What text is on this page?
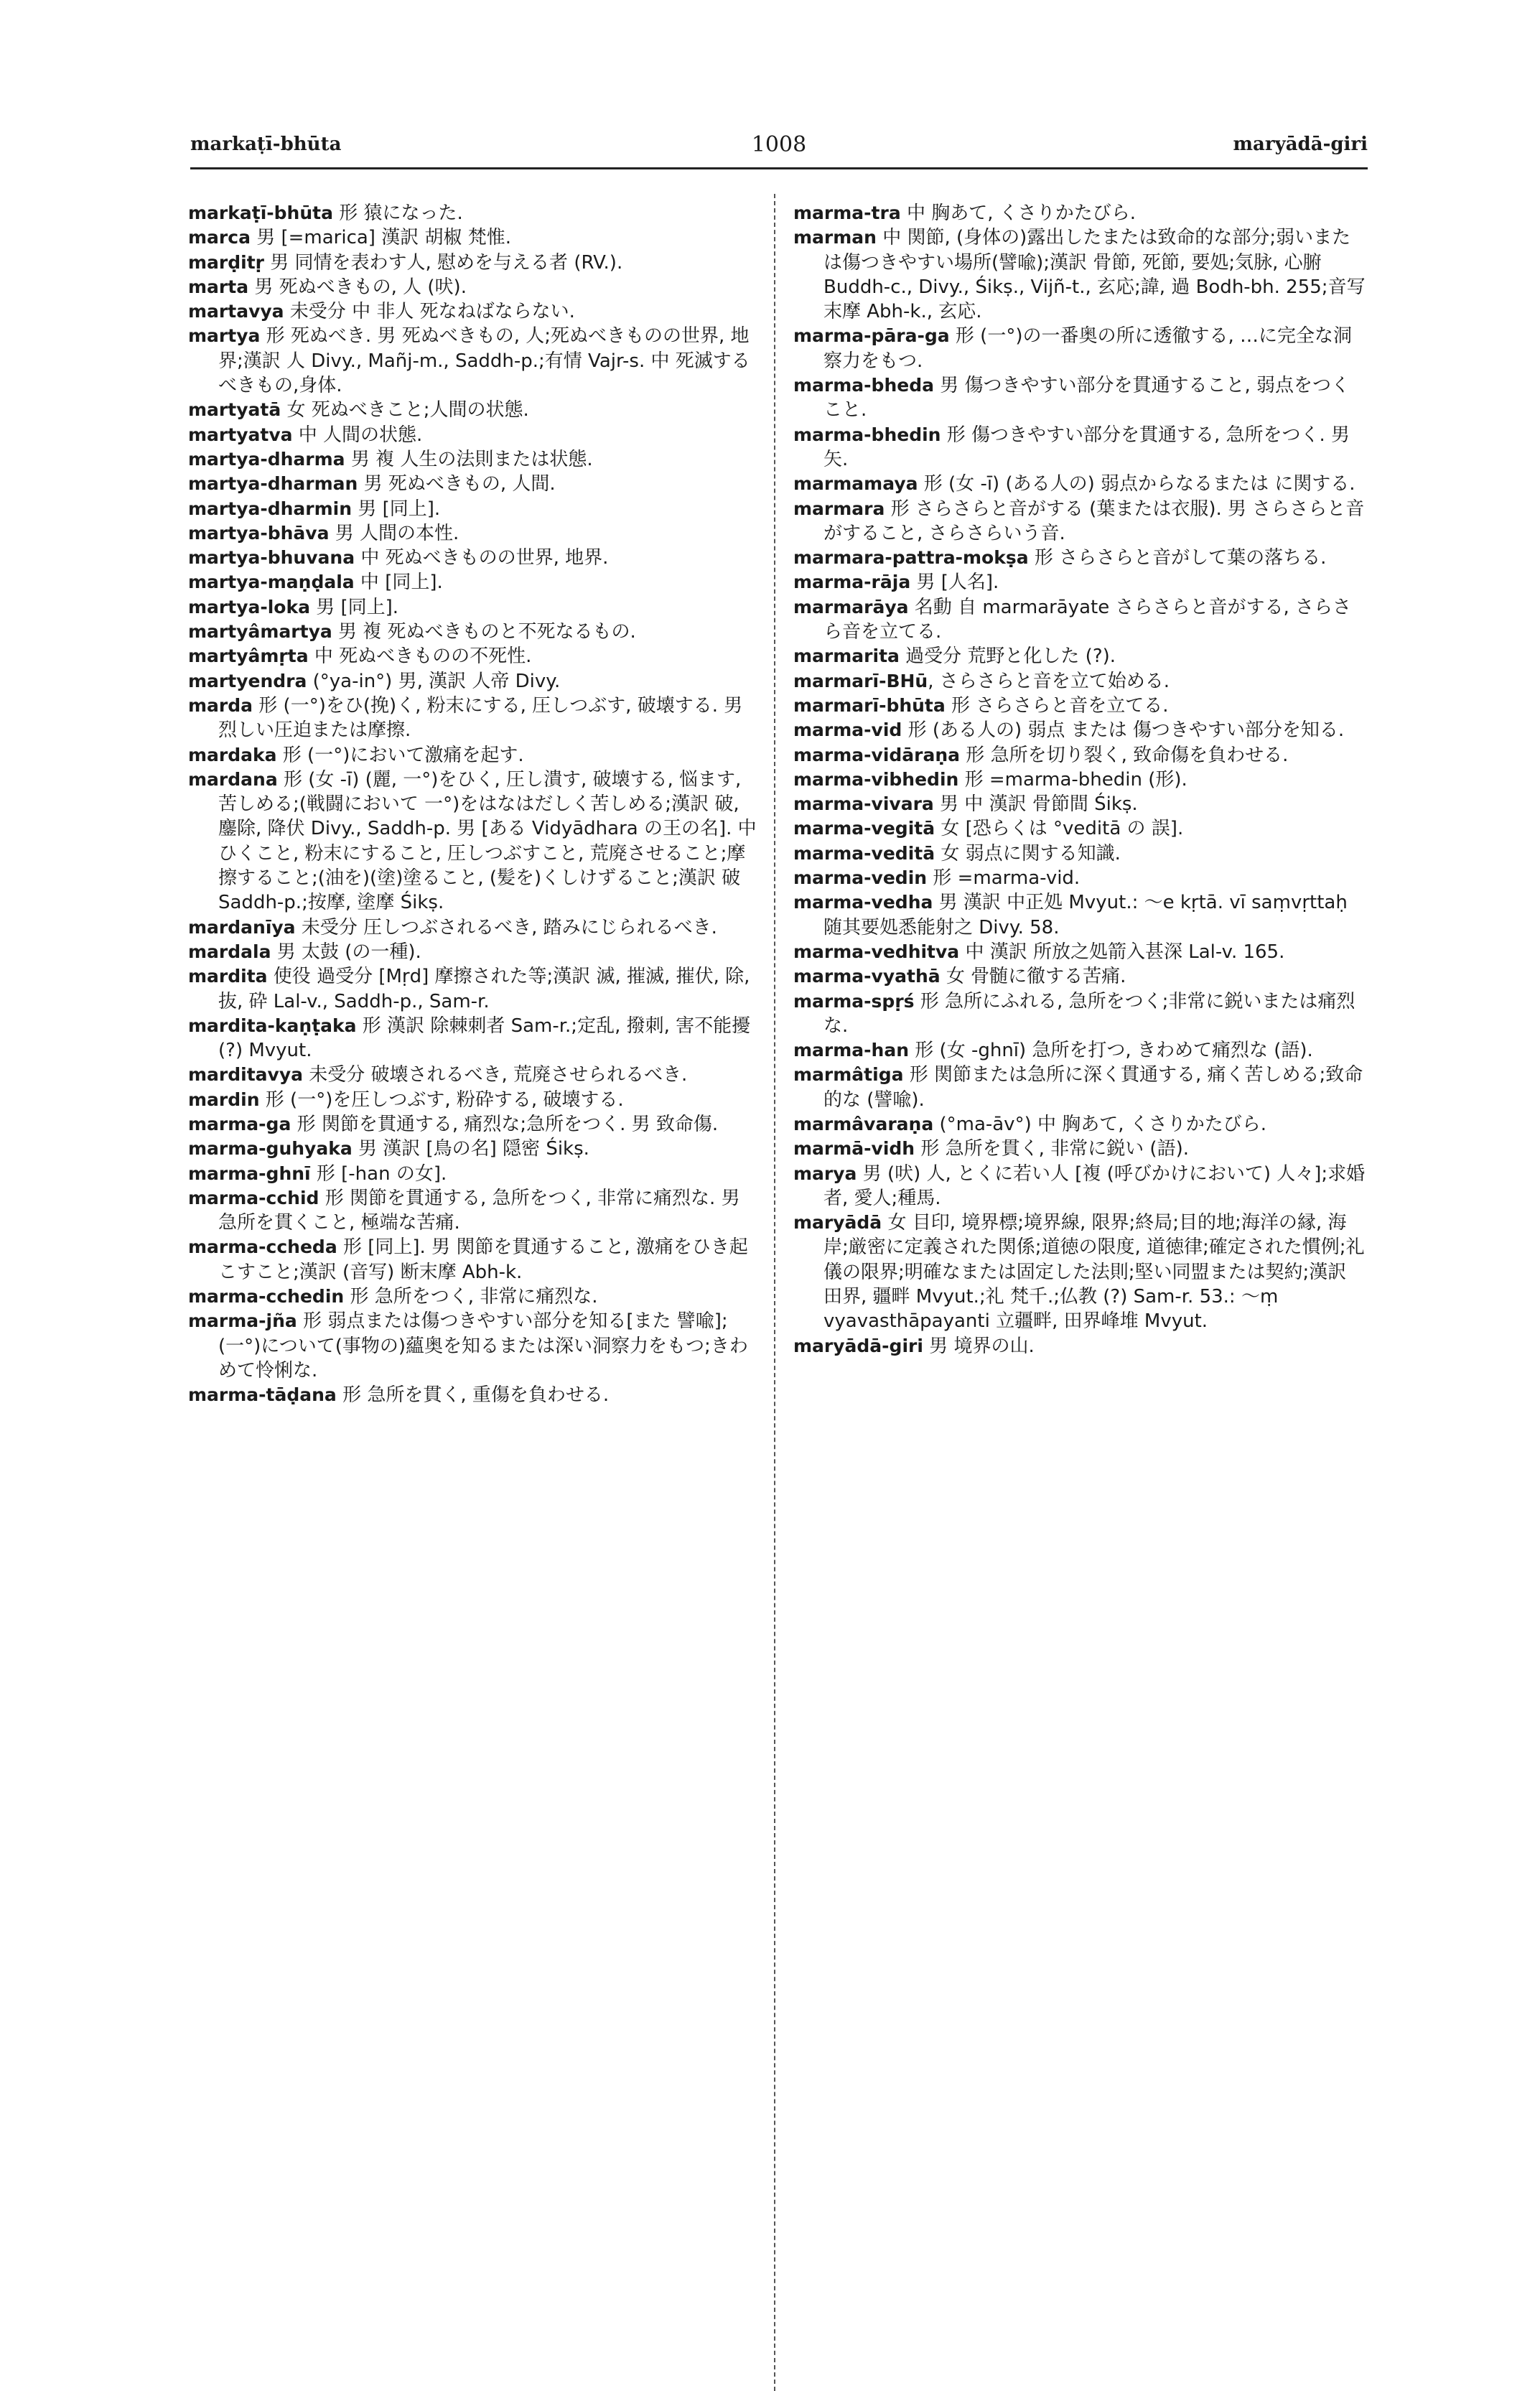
markaṭī-bhūta	1008	maryādā-giri

markaṭī-bhūta 形 猿になった.

marca 男 [=marica] 漢訳 胡椒 梵惟.

marḍitṛ 男 同情を表わす人, 慰めを与える者 (RV.).

marta 男 死ぬべきもの, 人 (吠).

martavya 未受分 中 非人 死なねばならない.

martya 形 死ぬべき. 男 死ぬべきもの, 人;死ぬべきものの世界, 地界;漢訳 人 Divy., Mañj-m., Saddh-p.;有情 Vajr-s. 中 死滅するべきもの,身体.

martyatā 女 死ぬべきこと;人間の状態.

martyatva 中 人間の状態.

martya-dharma 男 複 人生の法則または状態.

martya-dharman 男 死ぬべきもの, 人間.

martya-dharmin 男 [同上].

martya-bhāva 男 人間の本性.

martya-bhuvana 中 死ぬべきものの世界, 地界.

martya-maṇḍala 中 [同上].

martya-loka 男 [同上].

martyâmartya 男 複 死ぬべきものと不死なるもの.

martyâmṛta 中 死ぬべきものの不死性.

martyendra (°ya-in°) 男, 漢訳 人帝 Divy.

marda 形 (一°)をひ(挽)く, 粉末にする, 圧しつぶす, 破壊する. 男 烈しい圧迫または摩擦.

mardaka 形 (一°)において激痛を起す.

mardana 形 (女 -ī) (麗, 一°)をひく, 圧し潰す, 破壊する, 悩ます, 苦しめる;(戦闘において 一°)をはなはだしく苦しめる;漢訳 破, 鏖除, 降伏 Divy., Saddh-p. 男 [ある Vidyādhara の王の名]. 中 ひくこと, 粉末にすること, 圧しつぶすこと, 荒廃させること;摩擦すること;(油を)(塗)塗ること, (髪を)くしけずること;漢訳 破 Saddh-p.;按摩, 塗摩 Śikṣ.

mardanīya 未受分 圧しつぶされるべき, 踏みにじられるべき.

mardala 男 太鼓 (の一種).

mardita 使役 過受分 [Mṛd] 摩擦された等;漢訳 滅, 摧滅, 摧伏, 除, 抜, 砕 Lal-v., Saddh-p., Sam-r.

mardita-kaṇṭaka 形 漢訳 除棘刺者 Sam-r.;定乱, 撥刺, 害不能擾 (?) Mvyut.

marditavya 未受分 破壊されるべき, 荒廃させられるべき.

mardin 形 (一°)を圧しつぶす, 粉砕する, 破壊する.

marma-ga 形 関節を貫通する, 痛烈な;急所をつく. 男 致命傷.

marma-guhyaka 男 漢訳 [鳥の名] 隠密 Śikṣ.

marma-ghnī 形 [-han の女].

marma-cchid 形 関節を貫通する, 急所をつく, 非常に痛烈な. 男 急所を貫くこと, 極端な苦痛.

marma-ccheda 形 [同上]. 男 関節を貫通すること, 激痛をひき起こすこと;漢訳 (音写) 断末摩 Abh-k.

marma-cchedin 形 急所をつく, 非常に痛烈な.

marma-jña 形 弱点または傷つきやすい部分を知る[また 譬喩];(一°)について(事物の)蘊奥を知るまたは深い洞察力をもつ;きわめて怜悧な.

marma-tāḍana 形 急所を貫く, 重傷を負わせる.

marma-tra 中 胸あて, くさりかたびら.

marman 中 関節, (身体の)露出したまたは致命的な部分;弱いまたは傷つきやすい場所(譬喩);漢訳 骨節, 死節, 要処;気脉, 心腑 Buddh-c., Divy., Śikṣ., Vijñ-t., 玄応;諱, 過 Bodh-bh. 255;音写 末摩 Abh-k., 玄応.

marma-pāra-ga 形 (一°)の一番奥の所に透徹する, …に完全な洞察力をもつ.

marma-bheda 男 傷つきやすい部分を貫通すること, 弱点をつくこと.

marma-bhedin 形 傷つきやすい部分を貫通する, 急所をつく. 男 矢.

marmamaya 形 (女 -ī) (ある人の) 弱点からなるまたは に関する.

marmara 形 さらさらと音がする (葉または衣服). 男 さらさらと音がすること, さらさらいう音.

marmara-pattra-mokṣa 形 さらさらと音がして葉の落ちる.

marma-rāja 男 [人名].

marmarāya 名動 自 marmarāyate さらさらと音がする, さらさら音を立てる.

marmarita 過受分 荒野と化した (?).

marmarī-BHū, さらさらと音を立て始める.

marmarī-bhūta 形 さらさらと音を立てる.

marma-vid 形 (ある人の) 弱点 または 傷つきやすい部分を知る.

marma-vidāraṇa 形 急所を切り裂く, 致命傷を負わせる.

marma-vibhedin 形 =marma-bhedin (形).

marma-vivara 男 中 漢訳 骨節間 Śikṣ.

marma-vegitā 女 [恐らくは °veditā の 誤].

marma-veditā 女 弱点に関する知識.

marma-vedin 形 =marma-vid.

marma-vedha 男 漢訳 中正処 Mvyut.: ～e kṛtā. vī saṃvṛttaḥ 随其要処悉能射之 Divy. 58.

marma-vedhitva 中 漢訳 所放之処箭入甚深 Lal-v. 165.

marma-vyathā 女 骨髄に徹する苦痛.

marma-spṛś 形 急所にふれる, 急所をつく;非常に鋭いまたは痛烈な.

marma-han 形 (女 -ghnī) 急所を打つ, きわめて痛烈な (語).

marmâtiga 形 関節または急所に深く貫通する, 痛く苦しめる;致命的な (譬喩).

marmâvaraṇa (°ma-āv°) 中 胸あて, くさりかたびら.

marmā-vidh 形 急所を貫く, 非常に鋭い (語).

marya 男 (吠) 人, とくに若い人 [複 (呼びかけにおいて) 人々];求婚者, 愛人;種馬.

maryādā 女 目印, 境界標;境界線, 限界;終局;目的地;海洋の縁, 海岸;厳密に定義された関係;道徳の限度, 道徳律;確定された慣例;礼儀の限界;明確なまたは固定した法則;堅い同盟または契約;漢訳 田界, 疆畔 Mvyut.;礼 梵千.;仏教 (?) Sam-r. 53.: ～ṃ vyavasthāpayanti 立疆畔, 田界峰堆 Mvyut.

maryādā-giri 男 境界の山.
